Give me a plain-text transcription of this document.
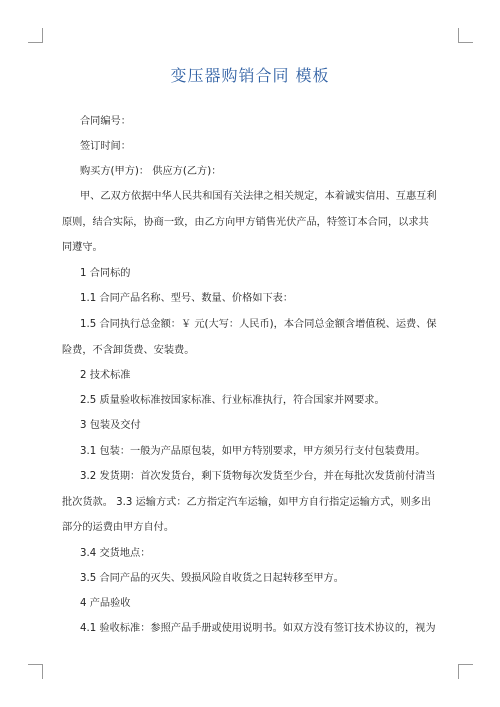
变压器购销合同 模板

合同编号：

签订时间：

购买方(甲方)： 供应方(乙方)：

甲、乙双方依据中华人民共和国有关法律之相关规定，本着诚实信用、互惠互利原则，结合实际，协商一致，由乙方向甲方销售光伏产品，特签订本合同，以求共同遵守。

1 合同标的

1.1 合同产品名称、型号、数量、价格如下表：

1.5 合同执行总金额：￥ 元(大写：人民币)，本合同总金额含增值税、运费、保险费，不含卸货费、安装费。

2 技术标准

2.5 质量验收标准按国家标准、行业标准执行，符合国家并网要求。

3 包装及交付

3.1 包装：一般为产品原包装，如甲方特别要求，甲方须另行支付包装费用。

3.2 发货期：首次发货台，剩下货物每次发货至少台，并在每批次发货前付清当批次货款。 3.3 运输方式：乙方指定汽车运输，如甲方自行指定运输方式，则多出部分的运费由甲方自付。

3.4 交货地点：

3.5 合同产品的灭失、毁损风险自收货之日起转移至甲方。

4 产品验收

4.1 验收标准：参照产品手册或使用说明书。如双方没有签订技术协议的，视为
